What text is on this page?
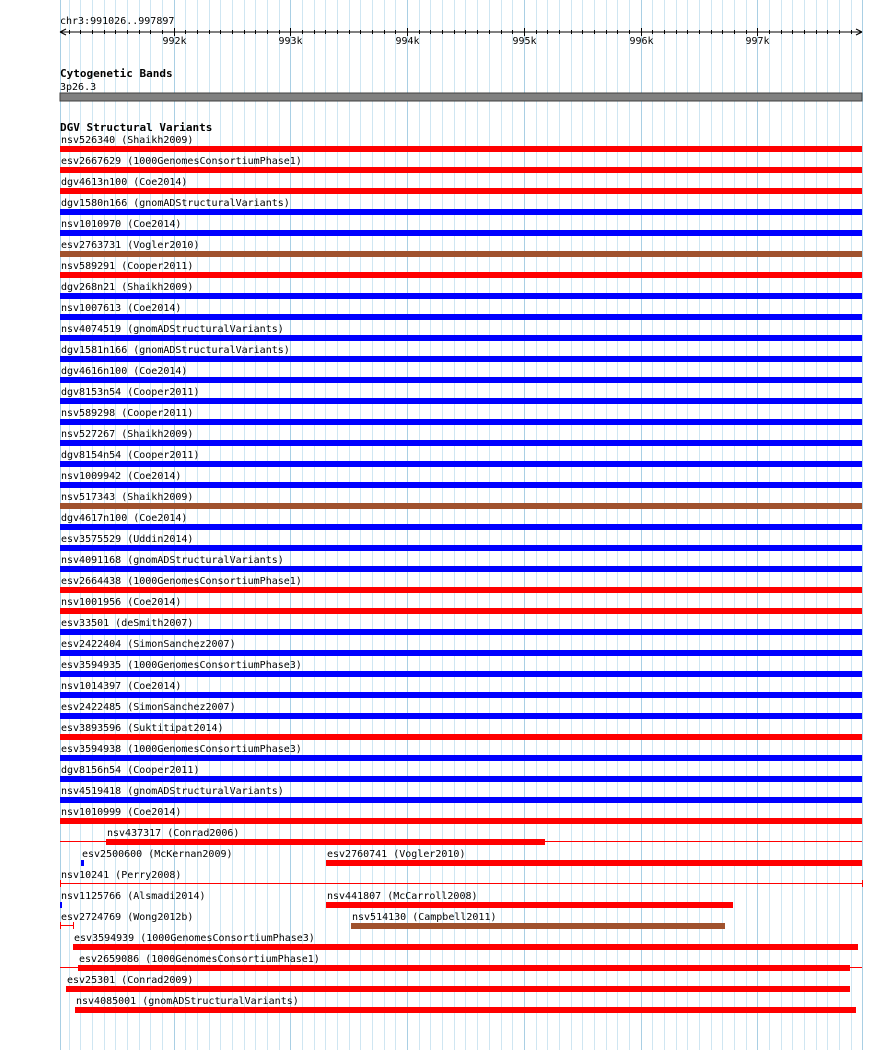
chr3:991026..997897
992k	993k	994k	995k	996k	997k
Cytogenetic Bands
3p26.3
DGV Structural Variants
nsv526340 (Shaikh2009)
esv2667629 (1000GenomesConsortiumPhase1)
dgv4613n100 (Coe2014)
dgv1580n166 (gnomADStructuralVariants)
nsv1010970 (Coe2014)
esv2763731 (Vogler2010)
nsv589291 (Cooper2011)
dgv268n21 (Shaikh2009)
nsv1007613 (Coe2014)
nsv4074519 (gnomADStructuralVariants)
dgv1581n166 (gnomADStructuralVariants)
dgv4616n100 (Coe2014)
dgv8153n54 (Cooper2011)
nsv589298 (Cooper2011)
nsv527267 (Shaikh2009)
dgv8154n54 (Cooper2011)
nsv1009942 (Coe2014)
nsv517343 (Shaikh2009)
dgv4617n100 (Coe2014)
esv3575529 (Uddin2014)
nsv4091168 (gnomADStructuralVariants)
esv2664438 (1000GenomesConsortiumPhase1)
nsv1001956 (Coe2014)
esv33501 (deSmith2007)
esv2422404 (SimonSanchez2007)
esv3594935 (1000GenomesConsortiumPhase3)
nsv1014397 (Coe2014)
esv2422485 (SimonSanchez2007)
esv3893596 (Suktitipat2014)
esv3594938 (1000GenomesConsortiumPhase3)
dgv8156n54 (Cooper2011)
nsv4519418 (gnomADStructuralVariants)
nsv1010999 (Coe2014)
nsv437317 (Conrad2006)
esv2500600 (McKernan2009)	esv2760741 (Vogler2010)
nsv10241 (Perry2008)
nsv1125766 (Alsmadi2014)	nsv441807 (McCarroll2008)
esv2724769 (Wong2012b)	nsv514130 (Campbell2011)
esv3594939 (1000GenomesConsortiumPhase3)
esv2659086 (1000GenomesConsortiumPhase1)
esv25301 (Conrad2009)
nsv4085001 (gnomADStructuralVariants)
